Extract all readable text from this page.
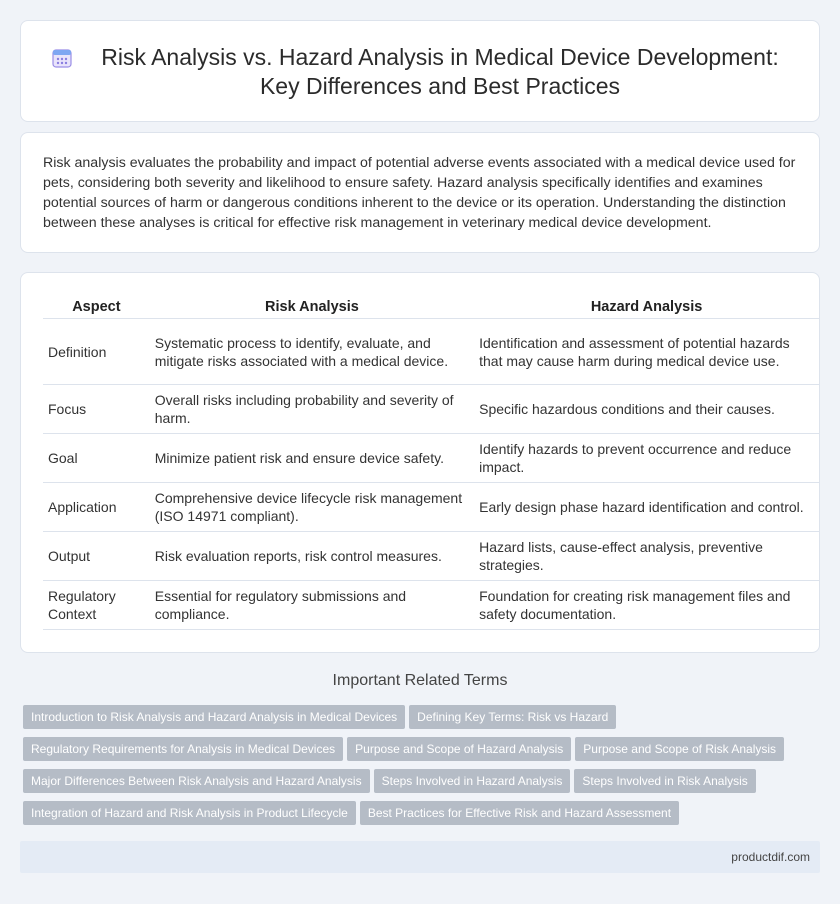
Risk Analysis vs. Hazard Analysis in Medical Device Development: Key Differences and Best Practices

Risk analysis evaluates the probability and impact of potential adverse events associated with a medical device used for pets, considering both severity and likelihood to ensure safety. Hazard analysis specifically identifies and examines potential sources of harm or dangerous conditions inherent to the device or its operation. Understanding the distinction between these analyses is critical for effective risk management in veterinary medical device development.

Aspect	Risk Analysis	Hazard Analysis
Definition	Systematic process to identify, evaluate, and mitigate risks associated with a medical device.	Identification and assessment of potential hazards that may cause harm during medical device use.
Focus	Overall risks including probability and severity of harm.	Specific hazardous conditions and their causes.
Goal	Minimize patient risk and ensure device safety.	Identify hazards to prevent occurrence and reduce impact.
Application	Comprehensive device lifecycle risk management (ISO 14971 compliant).	Early design phase hazard identification and control.
Output	Risk evaluation reports, risk control measures.	Hazard lists, cause-effect analysis, preventive strategies.
Regulatory Context	Essential for regulatory submissions and compliance.	Foundation for creating risk management files and safety documentation.
Important Related Terms
Introduction to Risk Analysis and Hazard Analysis in Medical Devices Defining Key Terms: Risk vs Hazard
Regulatory Requirements for Analysis in Medical Devices Purpose and Scope of Hazard Analysis Purpose and Scope of Risk Analysis
Major Differences Between Risk Analysis and Hazard Analysis Steps Involved in Hazard Analysis Steps Involved in Risk Analysis
Integration of Hazard and Risk Analysis in Product Lifecycle Best Practices for Effective Risk and Hazard Assessment
productdif.com
